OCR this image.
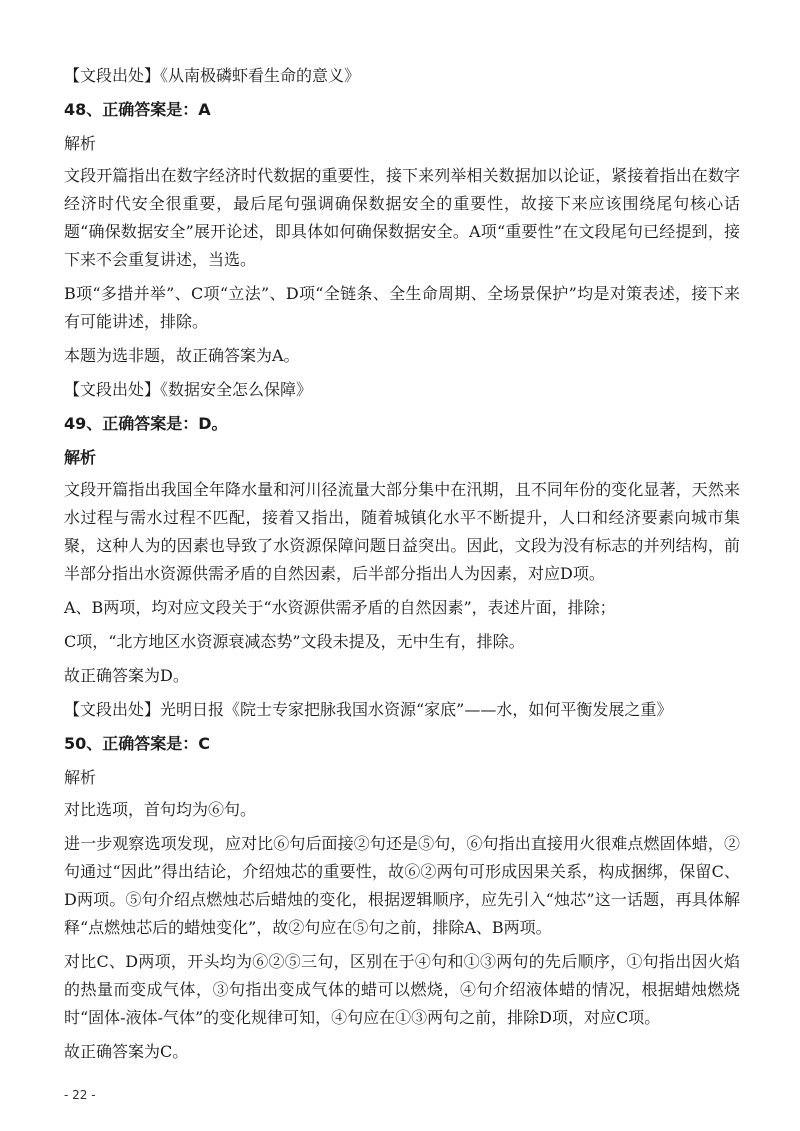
【文段出处】《从南极磷虾看生命的意义》

48、正确答案是：A

解析

文段开篇指出在数字经济时代数据的重要性，接下来列举相关数据加以论证，紧接着指出在数字经济时代安全很重要，最后尾句强调确保数据安全的重要性，故接下来应该围绕尾句核心话题“确保数据安全”展开论述，即具体如何确保数据安全。A项“重要性”在文段尾句已经提到，接下来不会重复讲述，当选。

B项“多措并举”、C项“立法”、D项“全链条、全生命周期、全场景保护”均是对策表述，接下来有可能讲述，排除。

本题为选非题，故正确答案为A。

【文段出处】《数据安全怎么保障》

49、正确答案是：D。

解析

文段开篇指出我国全年降水量和河川径流量大部分集中在汛期，且不同年份的变化显著，天然来水过程与需水过程不匹配，接着又指出，随着城镇化水平不断提升，人口和经济要素向城市集聚，这种人为的因素也导致了水资源保障问题日益突出。因此，文段为没有标志的并列结构，前半部分指出水资源供需矛盾的自然因素，后半部分指出人为因素，对应D项。

A、B两项，均对应文段关于“水资源供需矛盾的自然因素”，表述片面，排除；

C项，“北方地区水资源衰减态势”文段未提及，无中生有，排除。

故正确答案为D。

【文段出处】光明日报《院士专家把脉我国水资源“家底”——水，如何平衡发展之重》

50、正确答案是：C

解析

对比选项，首句均为⑥句。

进一步观察选项发现，应对比⑥句后面接②句还是⑤句，⑥句指出直接用火很难点燃固体蜡，②句通过“因此”得出结论，介绍烛芯的重要性，故⑥②两句可形成因果关系，构成捆绑，保留C、D两项。⑤句介绍点燃烛芯后蜡烛的变化，根据逻辑顺序，应先引入“烛芯”这一话题，再具体解释“点燃烛芯后的蜡烛变化”，故②句应在⑤句之前，排除A、B两项。

对比C、D两项，开头均为⑥②⑤三句，区别在于④句和①③两句的先后顺序，①句指出因火焰的热量而变成气体，③句指出变成气体的蜡可以燃烧，④句介绍液体蜡的情况，根据蜡烛燃烧时“固体-液体-气体”的变化规律可知，④句应在①③两句之前，排除D项，对应C项。

故正确答案为C。

- 22 -
